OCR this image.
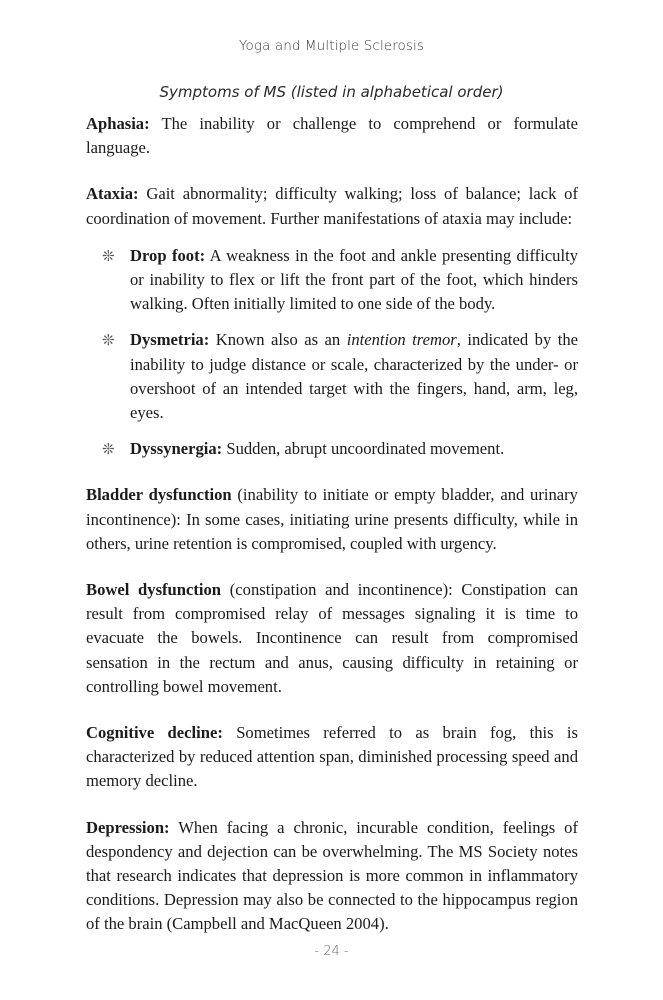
Yoga and Multiple Sclerosis
Symptoms of MS (listed in alphabetical order)

Aphasia: The inability or challenge to comprehend or formulate language.

Ataxia: Gait abnormality; difficulty walking; loss of balance; lack of coordination of movement. Further manifestations of ataxia may include:

❊ Drop foot: A weakness in the foot and ankle presenting difficulty or inability to flex or lift the front part of the foot, which hinders walking. Often initially limited to one side of the body.
❊ Dysmetria: Known also as an intention tremor, indicated by the inability to judge distance or scale, characterized by the under- or overshoot of an intended target with the fingers, hand, arm, leg, eyes.
❊ Dyssynergia: Sudden, abrupt uncoordinated movement.

Bladder dysfunction (inability to initiate or empty bladder, and urinary incontinence): In some cases, initiating urine presents difficulty, while in others, urine retention is compromised, coupled with urgency.

Bowel dysfunction (constipation and incontinence): Constipation can result from compromised relay of messages signaling it is time to evacuate the bowels. Incontinence can result from compromised sensation in the rectum and anus, causing difficulty in retaining or controlling bowel movement.

Cognitive decline: Sometimes referred to as brain fog, this is characterized by reduced attention span, diminished processing speed and memory decline.

Depression: When facing a chronic, incurable condition, feelings of despondency and dejection can be overwhelming. The MS Society notes that research indicates that depression is more common in inflammatory conditions. Depression may also be connected to the hippocampus region of the brain (Campbell and MacQueen 2004).

- 24 -
